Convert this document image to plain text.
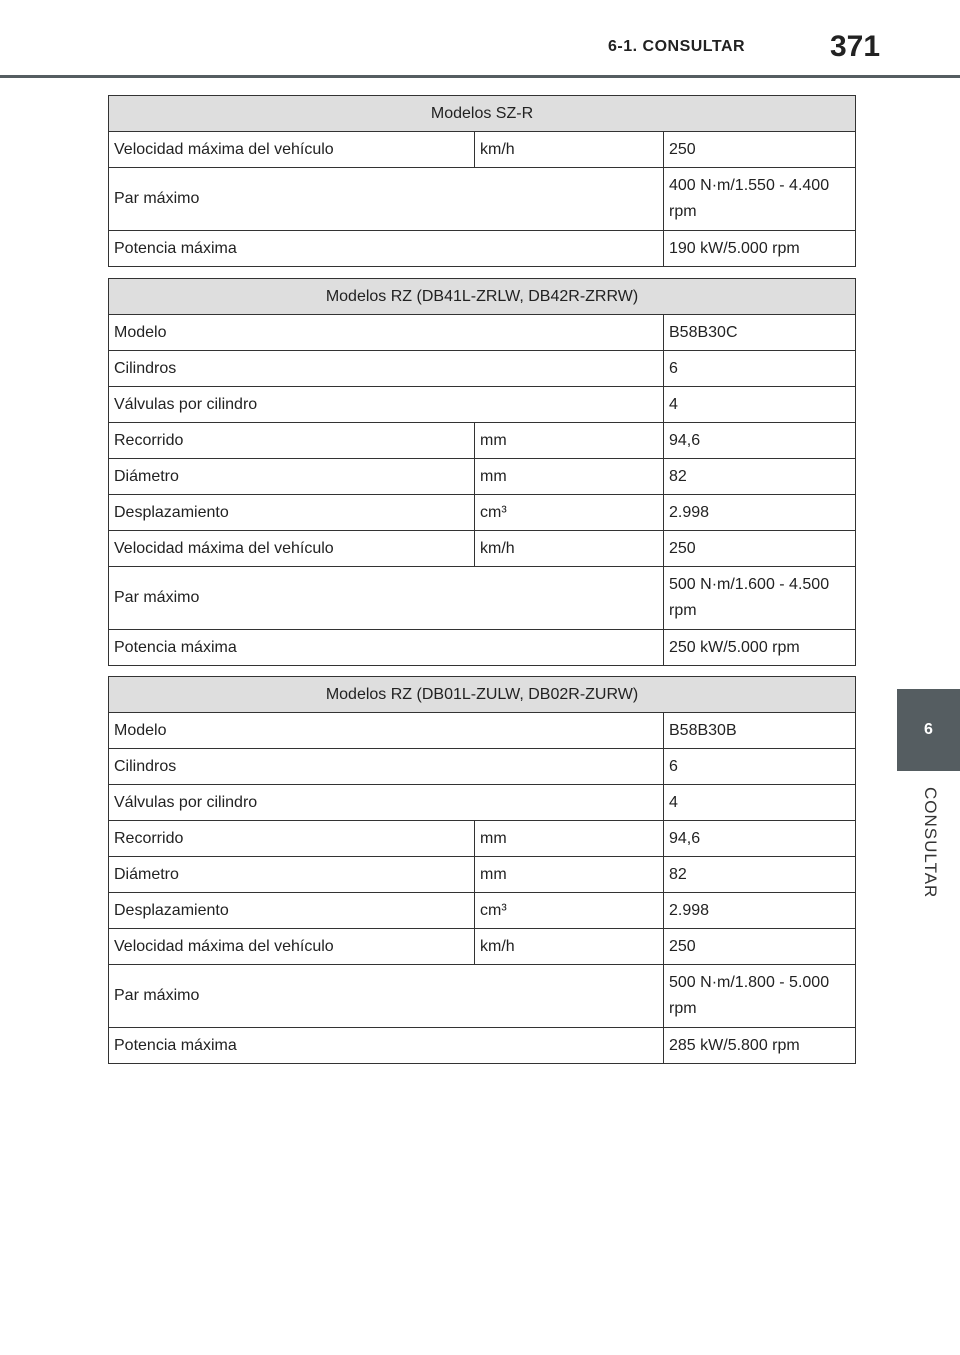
6-1. CONSULTAR	371
6
CONSULTAR
Modelos SZ-R		
Velocidad máxima del vehículo	km/h	250
Par máximo		400 N·m/1.550 - 4.400
rpm

Potencia máxima		190 kW/5.000 rpm
Modelos RZ (DB41L-ZRLW, DB42R-ZRRW)		
Modelo		B58B30C
Cilindros		6
Válvulas por cilindro		4
Recorrido	mm	94,6
Diámetro	mm	82
Desplazamiento	cm³	2.998
Velocidad máxima del vehículo	km/h	250
Par máximo		500 N·m/1.600 - 4.500
rpm

Potencia máxima		250 kW/5.000 rpm
Modelos RZ (DB01L-ZULW, DB02R-ZURW)		
Modelo		B58B30B
Cilindros		6
Válvulas por cilindro		4
Recorrido	mm	94,6
Diámetro	mm	82
Desplazamiento	cm³	2.998
Velocidad máxima del vehículo	km/h	250
Par máximo		500 N·m/1.800 - 5.000
rpm

Potencia máxima		285 kW/5.800 rpm
